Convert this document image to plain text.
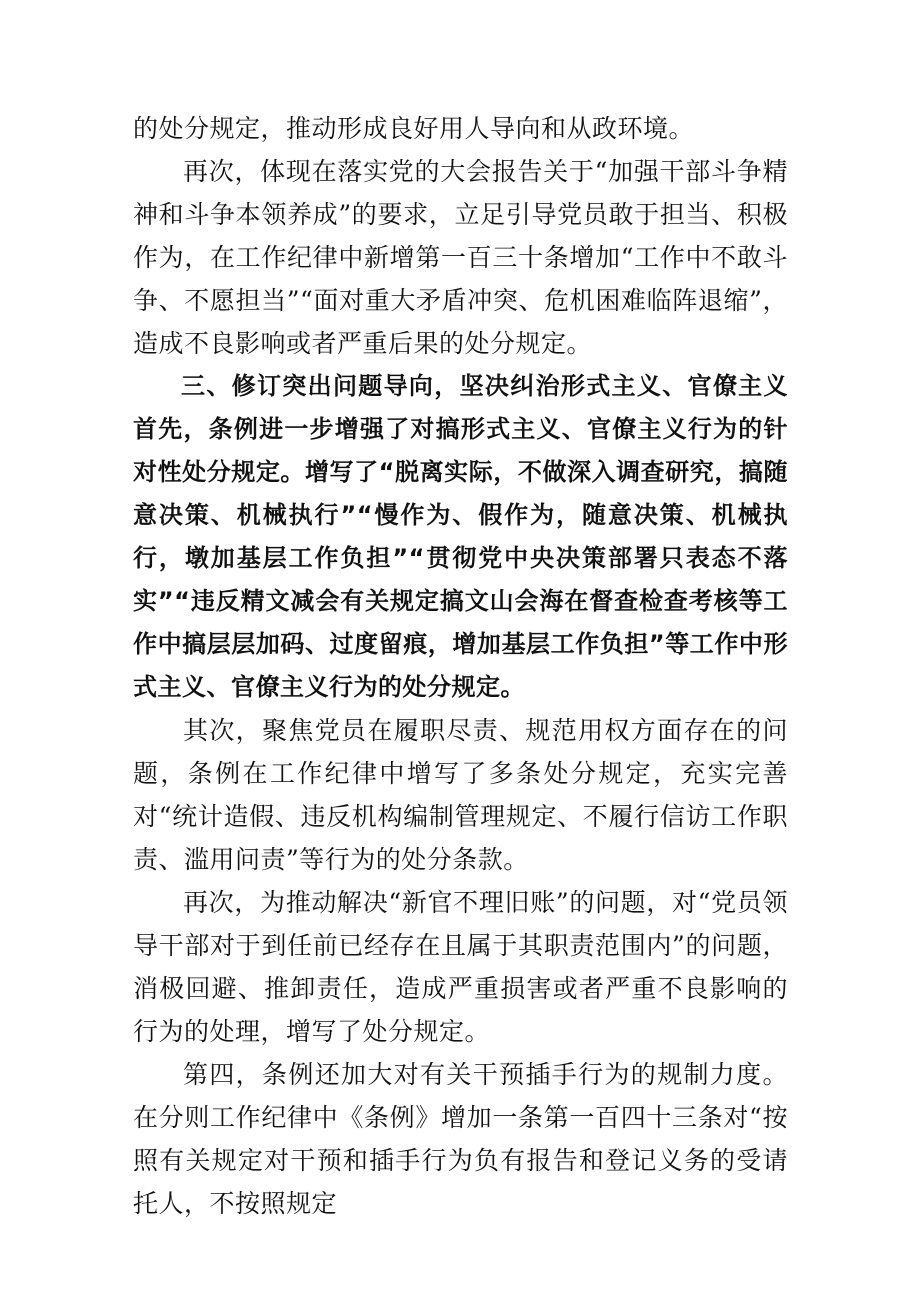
的处分规定，推动形成良好用人导向和从政环境。

再次，体现在落实党的大会报告关于“加强干部斗争精神和斗争本领养成”的要求，立足引导党员敢于担当、积极作为，在工作纪律中新增第一百三十条增加“工作中不敢斗争、不愿担当”“面对重大矛盾冲突、危机困难临阵退缩”，造成不良影响或者严重后果的处分规定。

三、修订突出问题导向，坚决纠治形式主义、官僚主义首先，条例进一步增强了对搞形式主义、官僚主义行为的针对性处分规定。增写了“脱离实际，不做深入调查研究，搞随意决策、机械执行”“慢作为、假作为，随意决策、机械执行，墩加基层工作负担”“贯彻党中央决策部署只表态不落实”“违反精文减会有关规定搞文山会海在督查检查考核等工作中搞层层加码、过度留痕，增加基层工作负担”等工作中形式主义、官僚主义行为的处分规定。

其次，聚焦党员在履职尽责、规范用权方面存在的问题，条例在工作纪律中增写了多条处分规定，充实完善对“统计造假、违反机构编制管理规定、不履行信访工作职责、滥用问责”等行为的处分条款。

再次，为推动解决“新官不理旧账”的问题，对“党员领导干部对于到任前已经存在且属于其职责范围内”的问题，消极回避、推卸责任，造成严重损害或者严重不良影响的行为的处理，增写了处分规定。

第四，条例还加大对有关干预插手行为的规制力度。在分则工作纪律中《条例》增加一条第一百四十三条对“按照有关规定对干预和插手行为负有报告和登记义务的受请托人，不按照规定
